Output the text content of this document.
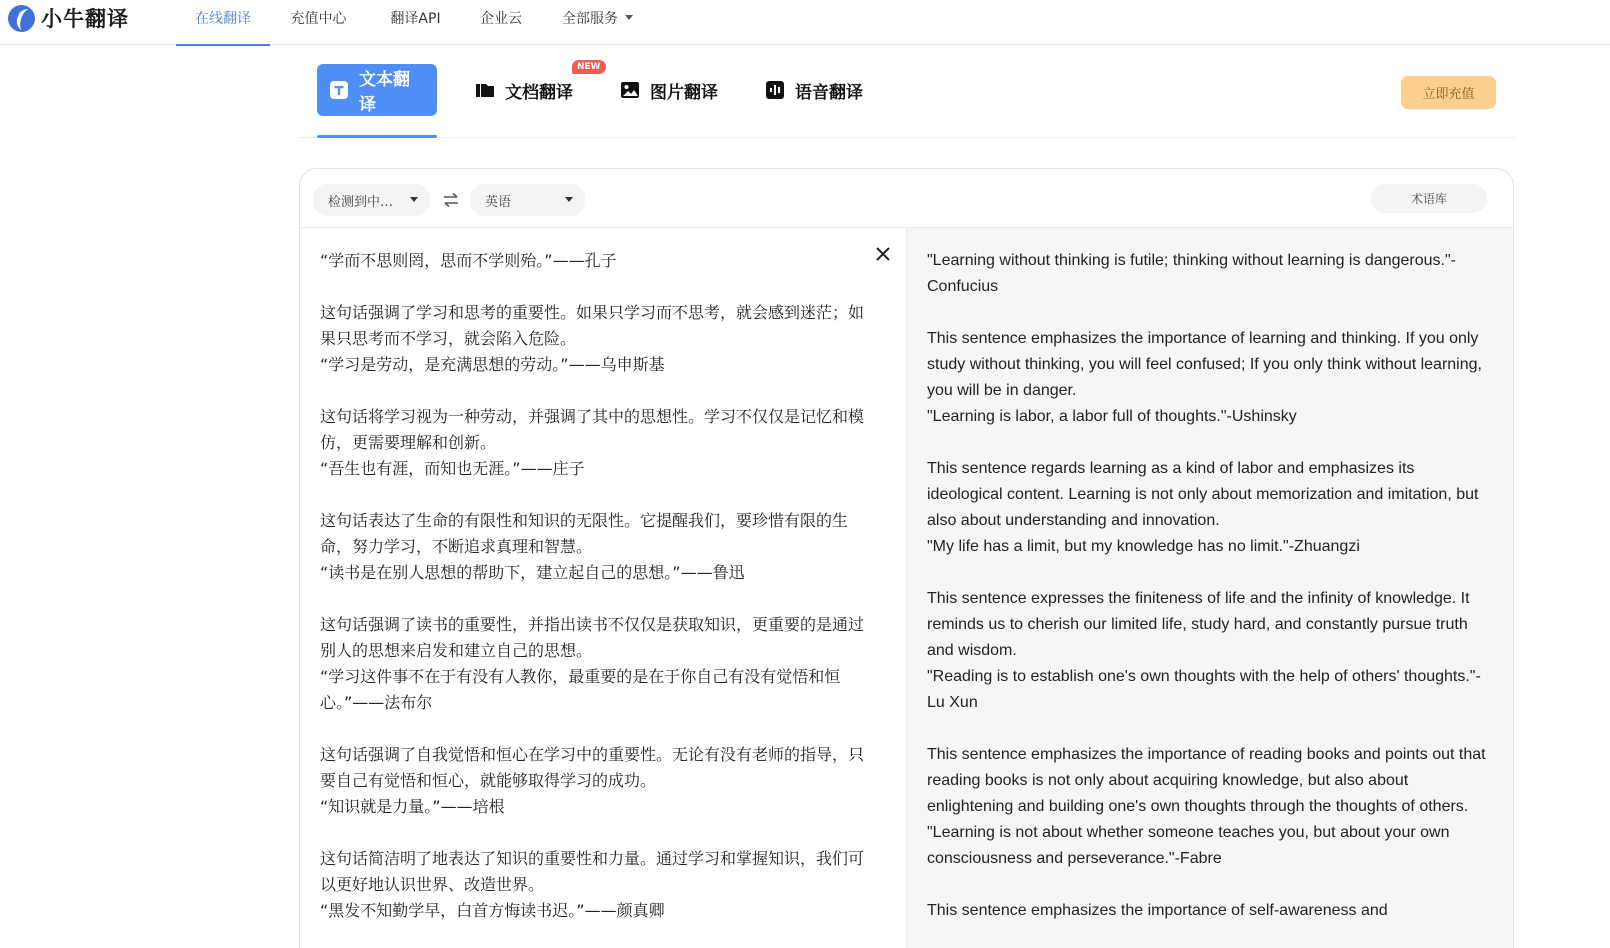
小牛翻译	在线翻译	充值中心	翻译API	企业云	全部服务
文本翻译
文档翻译	图片翻译	语音翻译
NEW
立即充值
检测到中…	英语	术语库
“学而不思则罔，思而不学则殆。”——孔子

这句话强调了学习和思考的重要性。如果只学习而不思考，就会感到迷茫；如果只思考而不学习，就会陷入危险。
“学习是劳动，是充满思想的劳动。”——乌申斯基

这句话将学习视为一种劳动，并强调了其中的思想性。学习不仅仅是记忆和模仿，更需要理解和创新。
“吾生也有涯，而知也无涯。”——庄子

这句话表达了生命的有限性和知识的无限性。它提醒我们，要珍惜有限的生命，努力学习，不断追求真理和智慧。
“读书是在别人思想的帮助下，建立起自己的思想。”——鲁迅

这句话强调了读书的重要性，并指出读书不仅仅是获取知识，更重要的是通过别人的思想来启发和建立自己的思想。
“学习这件事不在于有没有人教你，最重要的是在于你自己有没有觉悟和恒心。”——法布尔

这句话强调了自我觉悟和恒心在学习中的重要性。无论有没有老师的指导，只要自己有觉悟和恒心，就能够取得学习的成功。
“知识就是力量。”——培根

这句话简洁明了地表达了知识的重要性和力量。通过学习和掌握知识，我们可以更好地认识世界、改造世界。
“黑发不知勤学早，白首方悔读书迟。”——颜真卿
"Learning without thinking is futile; thinking without learning is dangerous."-Confucius

This sentence emphasizes the importance of learning and thinking. If you only study without thinking, you will feel confused; If you only think without learning, you will be in danger.
"Learning is labor, a labor full of thoughts."-Ushinsky

This sentence regards learning as a kind of labor and emphasizes its ideological content. Learning is not only about memorization and imitation, but also about understanding and innovation.
"My life has a limit, but my knowledge has no limit."-Zhuangzi

This sentence expresses the finiteness of life and the infinity of knowledge. It reminds us to cherish our limited life, study hard, and constantly pursue truth and wisdom.
"Reading is to establish one's own thoughts with the help of others' thoughts."-Lu Xun

This sentence emphasizes the importance of reading books and points out that reading books is not only about acquiring knowledge, but also about enlightening and building one's own thoughts through the thoughts of others.
"Learning is not about whether someone teaches you, but about your own consciousness and perseverance."-Fabre

This sentence emphasizes the importance of self-awareness and
